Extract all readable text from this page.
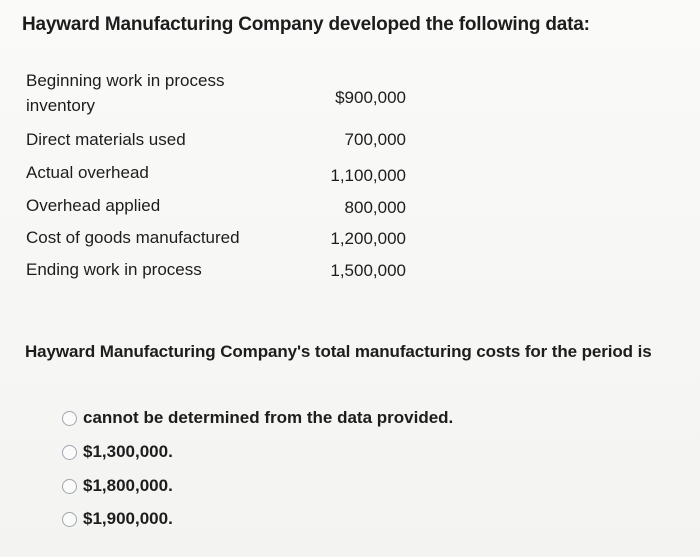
Hayward Manufacturing Company developed the following data:
Beginning work in process inventory	$900,000
Direct materials used	700,000
Actual overhead	1,100,000
Overhead applied	800,000
Cost of goods manufactured	1,200,000
Ending work in process	1,500,000
Hayward Manufacturing Company's total manufacturing costs for the period is
cannot be determined from the data provided.
$1,300,000.
$1,800,000.
$1,900,000.
